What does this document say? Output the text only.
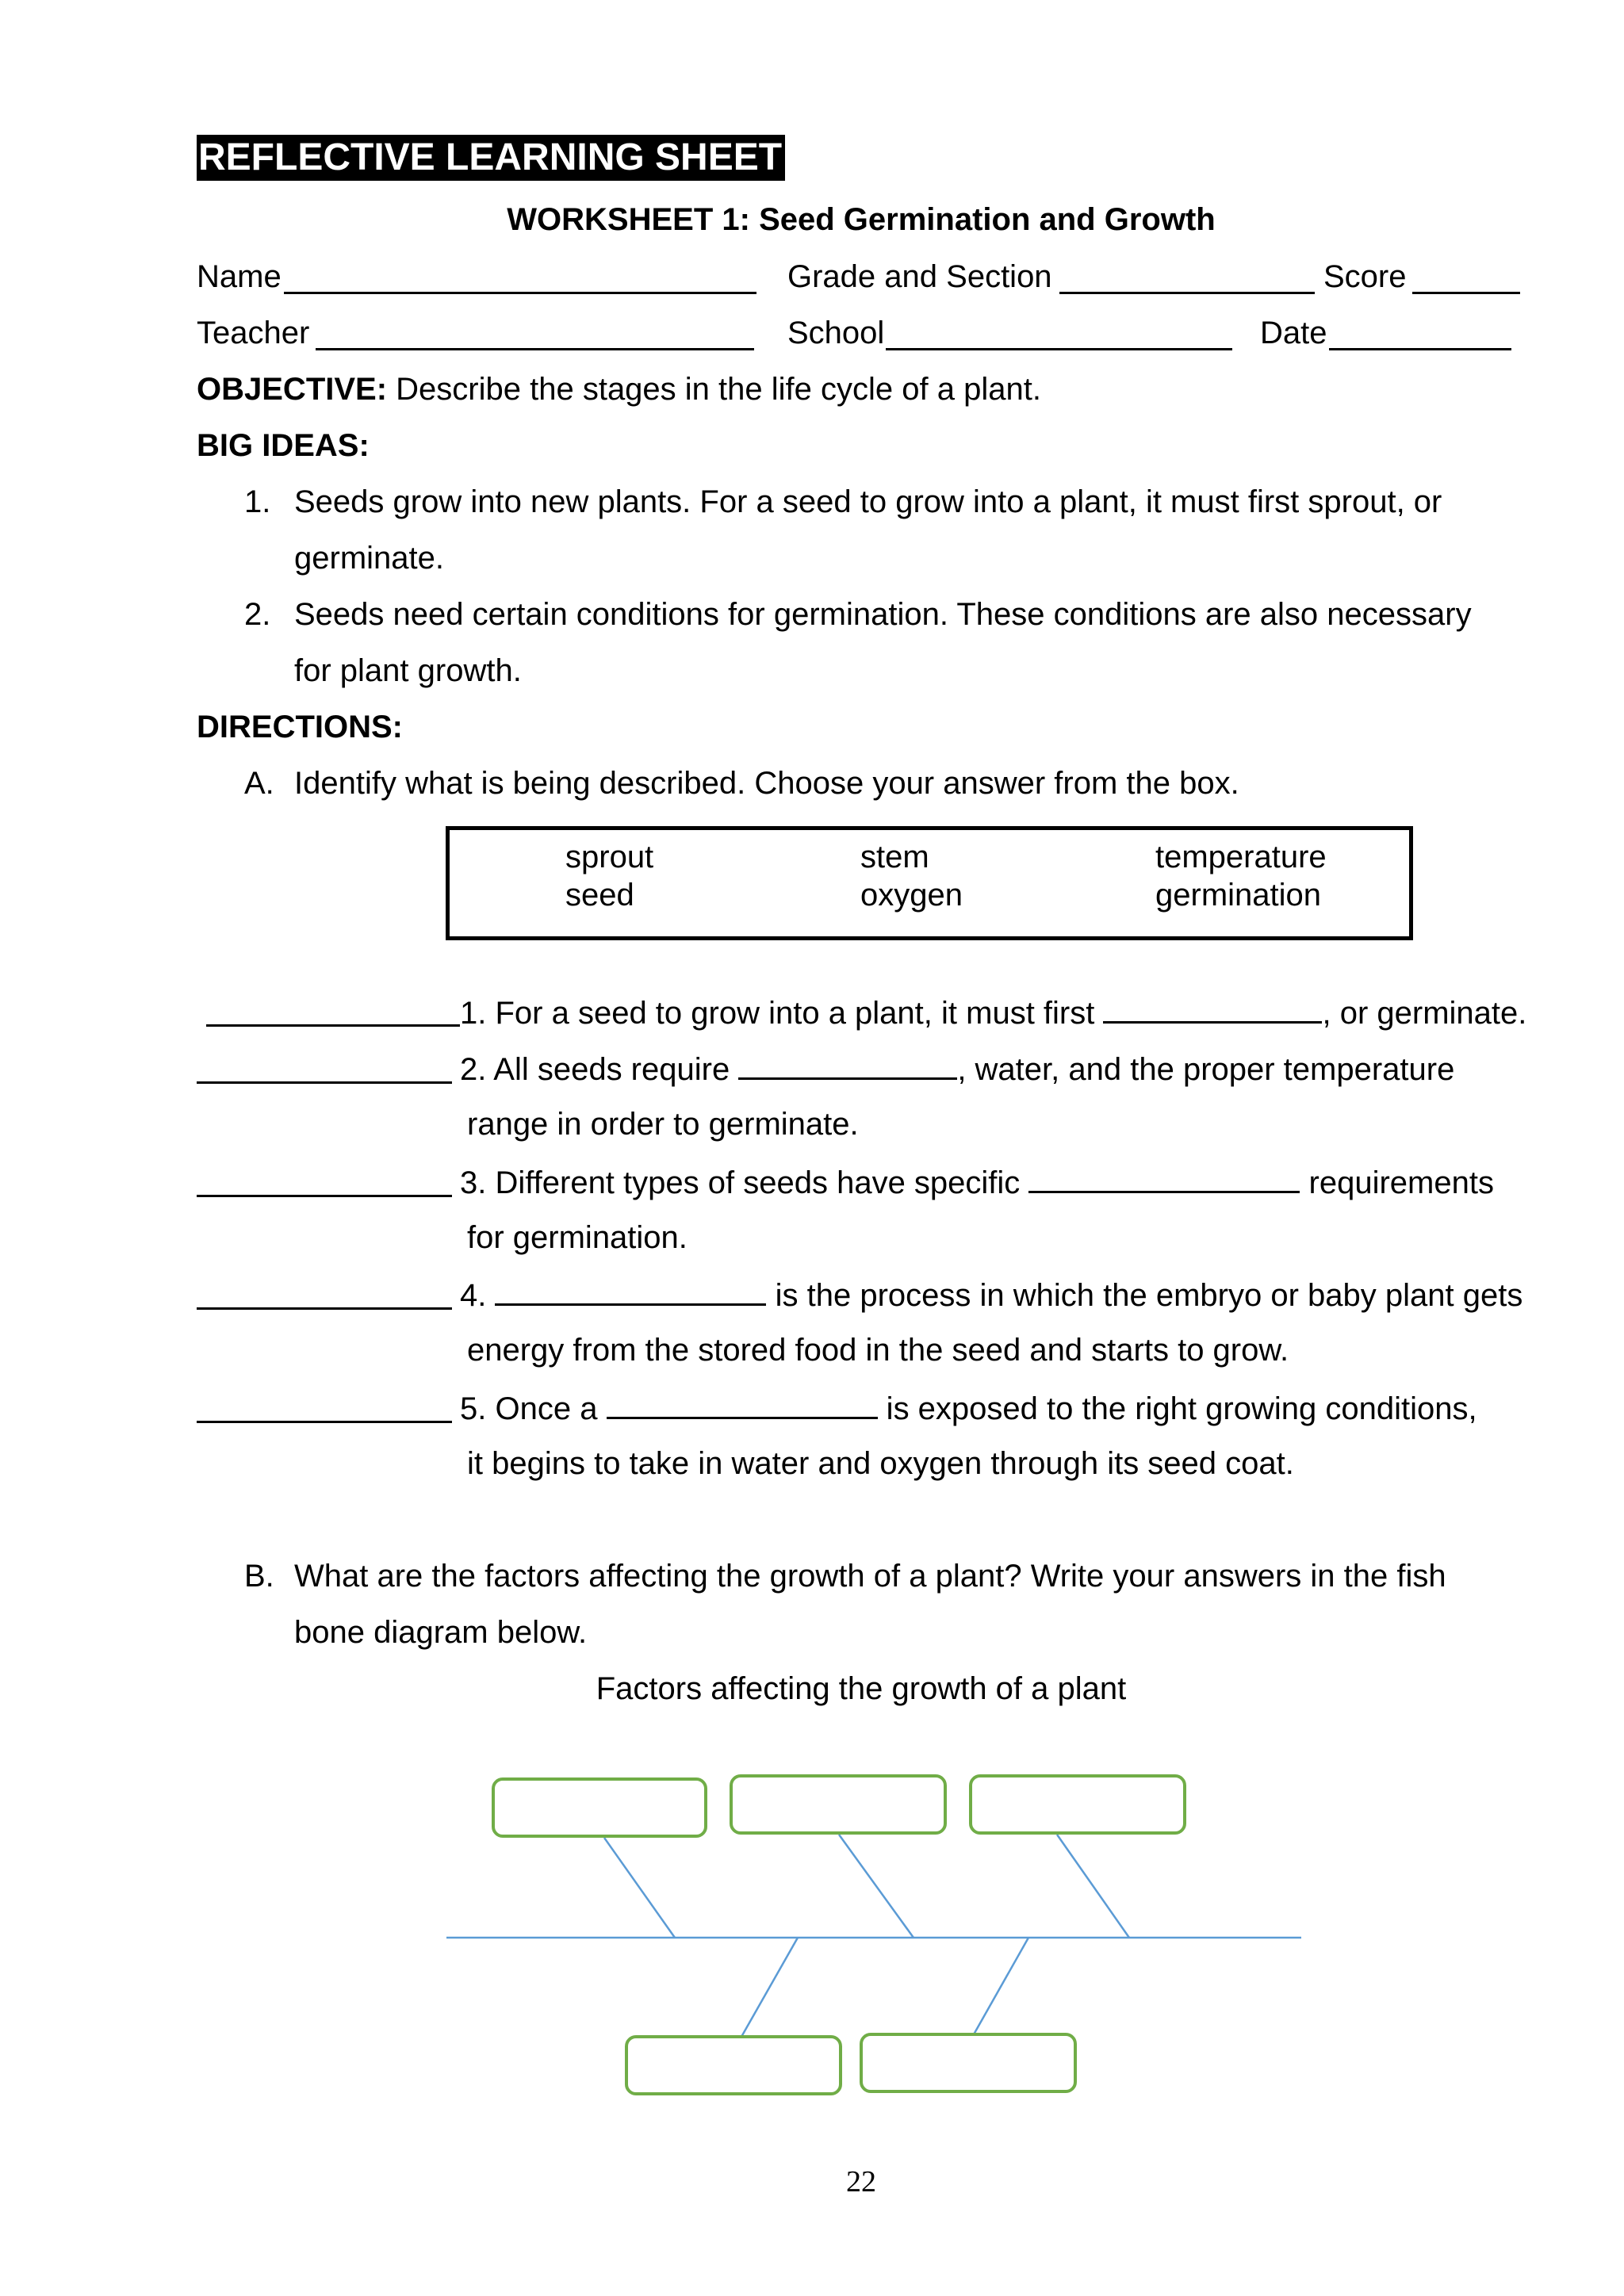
REFLECTIVE LEARNING SHEET
WORKSHEET 1: Seed Germination and Growth
Name	Grade and Section	Score
Teacher	School	Date
OBJECTIVE: Describe the stages in the life cycle of a plant.
BIG IDEAS:
1. Seeds grow into new plants. For a seed to grow into a plant, it must first sprout, or
germinate.
2. Seeds need certain conditions for germination. These conditions are also necessary
for plant growth.
DIRECTIONS:
A. Identify what is being described. Choose your answer from the box.
sprout	stem	temperature
seed	oxygen	germination
1. For a seed to grow into a plant, it must first	, or germinate.
2. All seeds require	, water, and the proper temperature
range in order to germinate.
3. Different types of seeds have specific	requirements
for germination.
4.	is the process in which the embryo or baby plant gets
energy from the stored food in the seed and starts to grow.
5. Once a	is exposed to the right growing conditions,
it begins to take in water and oxygen through its seed coat.
B. What are the factors affecting the growth of a plant? Write your answers in the fish
bone diagram below.
Factors affecting the growth of a plant
22
